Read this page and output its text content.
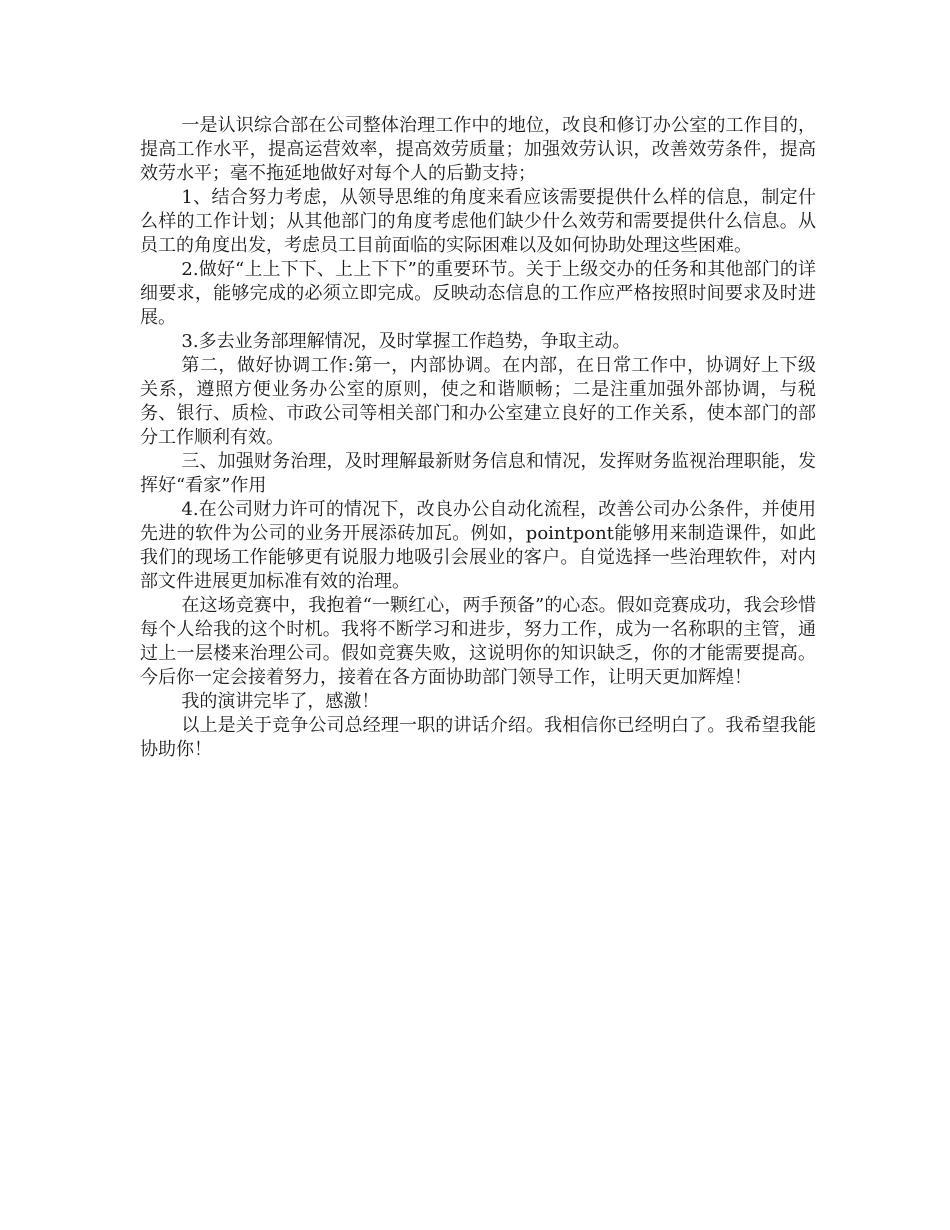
一是认识综合部在公司整体治理工作中的地位，改良和修订办公室的工作目的，提高工作水平，提高运营效率，提高效劳质量；加强效劳认识，改善效劳条件，提高效劳水平；毫不拖延地做好对每个人的后勤支持；

1、结合努力考虑，从领导思维的角度来看应该需要提供什么样的信息，制定什么样的工作计划；从其他部门的角度考虑他们缺少什么效劳和需要提供什么信息。从员工的角度出发，考虑员工目前面临的实际困难以及如何协助处理这些困难。

2.做好“上上下下、上上下下”的重要环节。关于上级交办的任务和其他部门的详细要求，能够完成的必须立即完成。反映动态信息的工作应严格按照时间要求及时进展。

3.多去业务部理解情况，及时掌握工作趋势，争取主动。

第二，做好协调工作:第一，内部协调。在内部，在日常工作中，协调好上下级关系，遵照方便业务办公室的原则，使之和谐顺畅；二是注重加强外部协调，与税务、银行、质检、市政公司等相关部门和办公室建立良好的工作关系，使本部门的部分工作顺利有效。

三、加强财务治理，及时理解最新财务信息和情况，发挥财务监视治理职能，发挥好“看家”作用

4.在公司财力许可的情况下，改良办公自动化流程，改善公司办公条件，并使用先进的软件为公司的业务开展添砖加瓦。例如，pointpont能够用来制造课件，如此我们的现场工作能够更有说服力地吸引会展业的客户。自觉选择一些治理软件，对内部文件进展更加标准有效的治理。

在这场竞赛中，我抱着“一颗红心，两手预备”的心态。假如竞赛成功，我会珍惜每个人给我的这个时机。我将不断学习和进步，努力工作，成为一名称职的主管，通过上一层楼来治理公司。假如竞赛失败，这说明你的知识缺乏，你的才能需要提高。今后你一定会接着努力，接着在各方面协助部门领导工作，让明天更加辉煌！

我的演讲完毕了，感激！

以上是关于竞争公司总经理一职的讲话介绍。我相信你已经明白了。我希望我能协助你！
